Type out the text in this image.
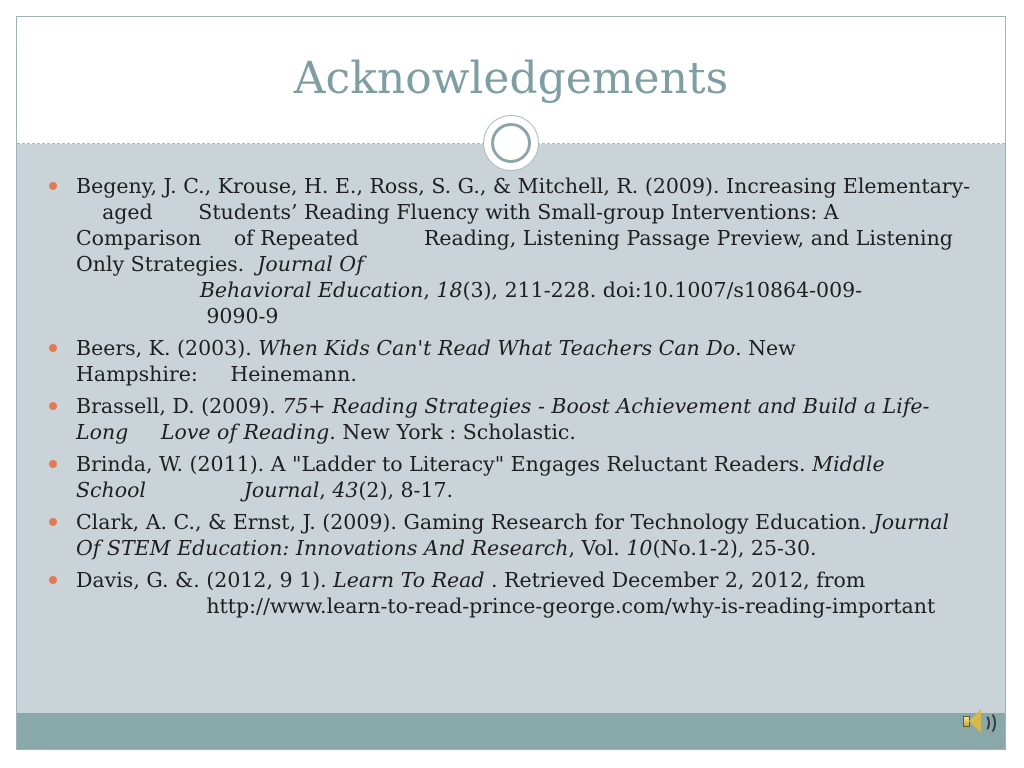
Acknowledgements
Begeny, J. C., Krouse, H. E., Ross, S. G., & Mitchell, R. (2009). Increasing Elementary-    aged       Students’ Reading Fluency with Small-group Interventions: A Comparison     of Repeated          Reading, Listening Passage Preview, and Listening Only Strategies.  Journal Of
	Behavioral Education, 18(3), 211-228. doi:10.1007/s10864-009-
9090-9
Beers, K. (2003). When Kids Can't Read What Teachers Can Do. New Hampshire:     Heinemann.
Brassell, D. (2009). 75+ Reading Strategies - Boost Achievement and Build a Life-Long     Love of Reading. New York : Scholastic.
Brinda, W. (2011). A "Ladder to Literacy" Engages Reluctant Readers. Middle School               Journal, 43(2), 8-17.
Clark, A. C., & Ernst, J. (2009). Gaming Research for Technology Education. Journal Of STEM Education: Innovations And Research, Vol. 10(No.1-2), 25-30.
Davis, G. &. (2012, 9 1). Learn To Read . Retrieved December 2, 2012, from
http://www.learn-to-read-prince-george.com/why-is-reading-important
